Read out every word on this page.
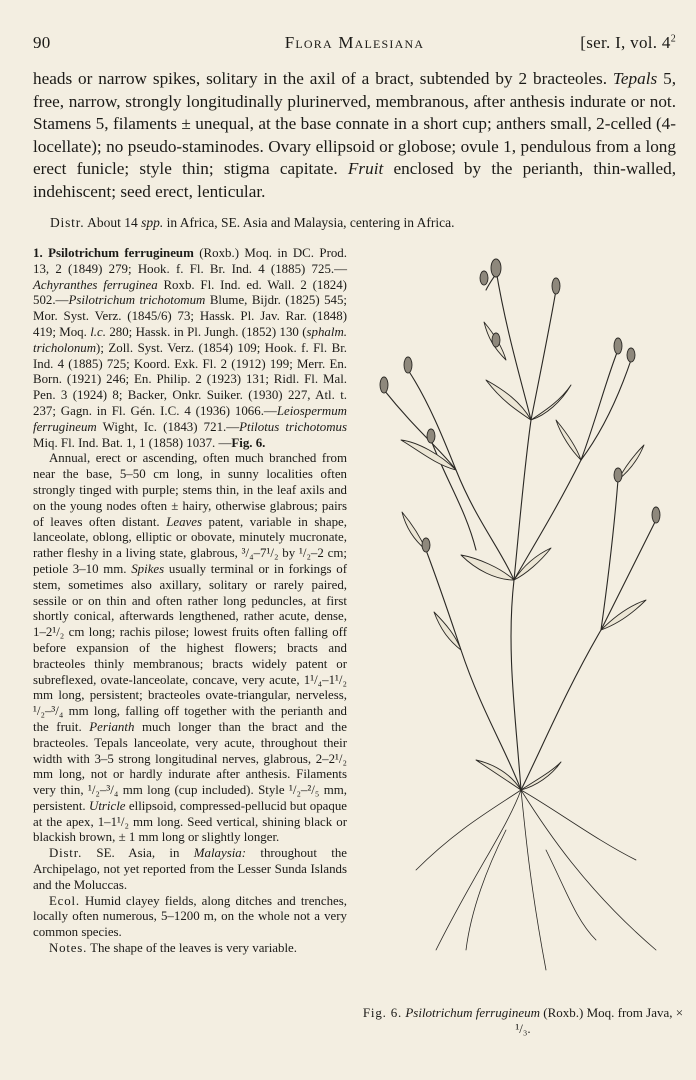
90	Flora Malesiana	[ser. I, vol. $4^2$

heads or narrow spikes, solitary in the axil of a bract, subtended by 2 bracteoles. Tepals 5, free, narrow, strongly longitudinally plurinerved, membranous, after anthesis indurate or not. Stamens 5, filaments ± unequal, at the base connate in a short cup; anthers small, 2-celled (4-locellate); no pseudo-staminodes. Ovary ellipsoid or globose; ovule 1, pendulous from a long erect funicle; style thin; stigma capitate. Fruit enclosed by the perianth, thin-walled, indehiscent; seed erect, lenticular.

Distr. About 14 spp. in Africa, SE. Asia and Malaysia, centering in Africa.

1. Psilotrichum ferrugineum (Roxb.) Moq. in DC. Prod. 13, 2 (1849) 279; Hook. f. Fl. Br. Ind. 4 (1885) 725.—Achyranthes ferruginea Roxb. Fl. Ind. ed. Wall. 2 (1824) 502.—Psilotrichum trichotomum Blume, Bijdr. (1825) 545; Mor. Syst. Verz. (1845/6) 73; Hassk. Pl. Jav. Rar. (1848) 419; Moq. l.c. 280; Hassk. in Pl. Jungh. (1852) 130 (sphalm. tricholonum); Zoll. Syst. Verz. (1854) 109; Hook. f. Fl. Br. Ind. 4 (1885) 725; Koord. Exk. Fl. 2 (1912) 199; Merr. En. Born. (1921) 246; En. Philip. 2 (1923) 131; Ridl. Fl. Mal. Pen. 3 (1924) 8; Backer, Onkr. Suiker. (1930) 227, Atl. t. 237; Gagn. in Fl. Gén. I.C. 4 (1936) 1066.—Leiospermum ferrugineum Wight, Ic. (1843) 721.—Ptilotus trichotomus Miq. Fl. Ind. Bat. 1, 1 (1858) 1037. —Fig. 6.

Annual, erect or ascending, often much branched from near the base, 5–50 cm long, in sunny localities often strongly tinged with purple; stems thin, in the leaf axils and on the young nodes often ± hairy, otherwise glabrous; pairs of leaves often distant. Leaves patent, variable in shape, lanceolate, oblong, elliptic or obovate, minutely mucronate, rather fleshy in a living state, glabrous, ³/₄–7¹/₂ by ¹/₂–2 cm; petiole 3–10 mm. Spikes usually terminal or in forkings of stem, sometimes also axillary, solitary or rarely paired, sessile or on thin and often rather long peduncles, at first shortly conical, afterwards lengthened, rather acute, dense, 1–2¹/₂ cm long; rachis pilose; lowest fruits often falling off before expansion of the highest flowers; bracts and bracteoles thinly membranous; bracts widely patent or subreflexed, ovate-lanceolate, concave, very acute, 1¹/₄–1¹/₂ mm long, persistent; bracteoles ovate-triangular, nerveless, ¹/₂–³/₄ mm long, falling off together with the perianth and the fruit. Perianth much longer than the bract and the bracteoles. Tepals lanceolate, very acute, throughout their width with 3–5 strong longitudinal nerves, glabrous, 2–2¹/₂ mm long, not or hardly indurate after anthesis. Filaments very thin, ¹/₂–³/₄ mm long (cup included). Style ¹/₂–²/₅ mm, persistent. Utricle ellipsoid, compressed-pellucid but opaque at the apex, 1–1¹/₂ mm long. Seed vertical, shining black or blackish brown, ± 1 mm long or slightly longer.

Distr. SE. Asia, in Malaysia: throughout the Archipelago, not yet reported from the Lesser Sunda Islands and the Moluccas.

Ecol. Humid clayey fields, along ditches and trenches, locally often numerous, 5–1200 m, on the whole not a very common species.

Notes. The shape of the leaves is very variable.

Fig. 6. Psilotrichum ferrugineum (Roxb.) Moq. from Java, × ¹/₃.
